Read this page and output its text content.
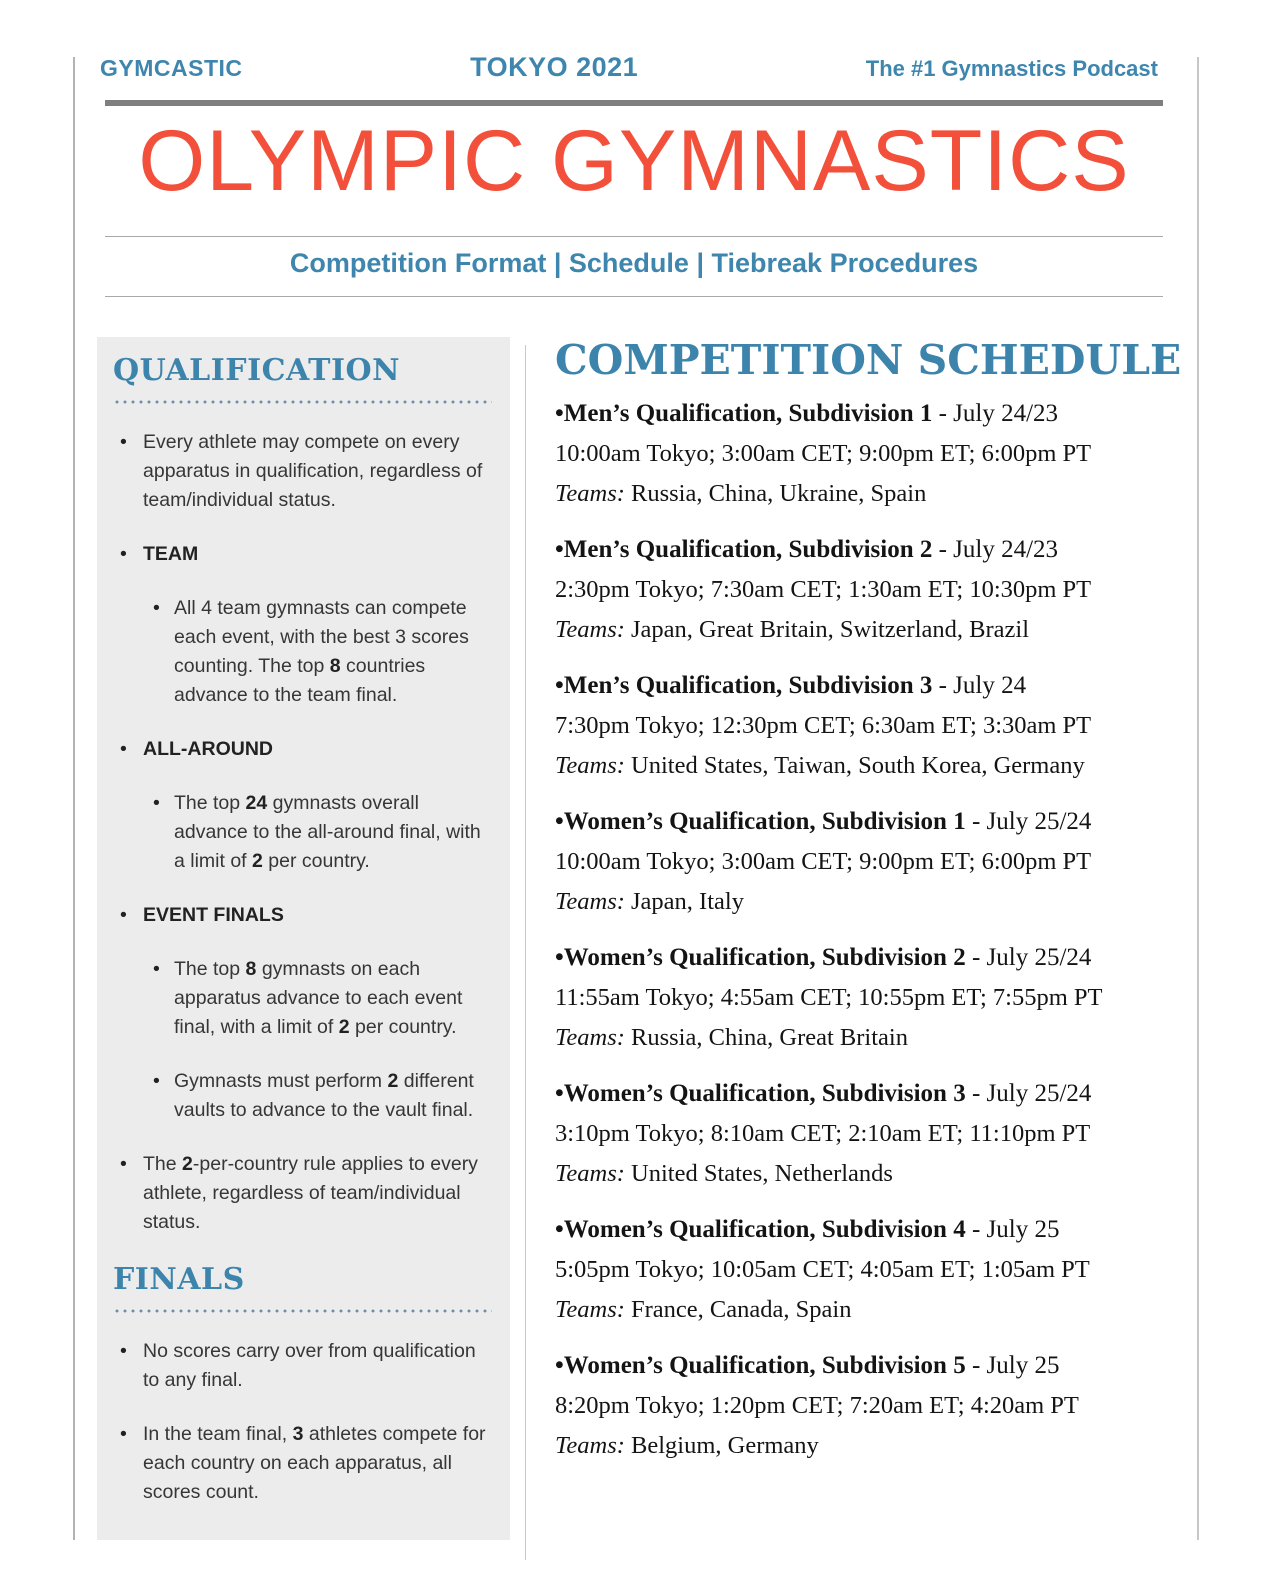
GYMCASTIC	TOKYO 2021	The #1 Gymnastics Podcast
OLYMPIC GYMNASTICS
Competition Format | Schedule | Tiebreak Procedures
QUALIFICATION
• Every athlete may compete on every apparatus in qualification, regardless of team/individual status.
• TEAM
• All 4 team gymnasts can compete each event, with the best 3 scores counting. The top 8 countries advance to the team final.
• ALL-AROUND
• The top 24 gymnasts overall advance to the all-around final, with a limit of 2 per country.
• EVENT FINALS
• The top 8 gymnasts on each apparatus advance to each event final, with a limit of 2 per country.
• Gymnasts must perform 2 different vaults to advance to the vault final.
• The 2-per-country rule applies to every athlete, regardless of team/individual status.
FINALS
• No scores carry over from qualification to any final.
• In the team final, 3 athletes compete for each country on each apparatus, all scores count.
COMPETITION SCHEDULE
•Men’s Qualification, Subdivision 1 - July 24/23
10:00am Tokyo; 3:00am CET; 9:00pm ET; 6:00pm PT
Teams: Russia, China, Ukraine, Spain
•Men’s Qualification, Subdivision 2 - July 24/23
2:30pm Tokyo; 7:30am CET; 1:30am ET; 10:30pm PT
Teams: Japan, Great Britain, Switzerland, Brazil
•Men’s Qualification, Subdivision 3 - July 24
7:30pm Tokyo; 12:30pm CET; 6:30am ET; 3:30am PT
Teams: United States, Taiwan, South Korea, Germany
•Women’s Qualification, Subdivision 1 - July 25/24
10:00am Tokyo; 3:00am CET; 9:00pm ET; 6:00pm PT
Teams: Japan, Italy
•Women’s Qualification, Subdivision 2 - July 25/24
11:55am Tokyo; 4:55am CET; 10:55pm ET; 7:55pm PT
Teams: Russia, China, Great Britain
•Women’s Qualification, Subdivision 3 - July 25/24
3:10pm Tokyo; 8:10am CET; 2:10am ET; 11:10pm PT
Teams: United States, Netherlands
•Women’s Qualification, Subdivision 4 - July 25
5:05pm Tokyo; 10:05am CET; 4:05am ET; 1:05am PT
Teams: France, Canada, Spain
•Women’s Qualification, Subdivision 5 - July 25
8:20pm Tokyo; 1:20pm CET; 7:20am ET; 4:20am PT
Teams: Belgium, Germany
